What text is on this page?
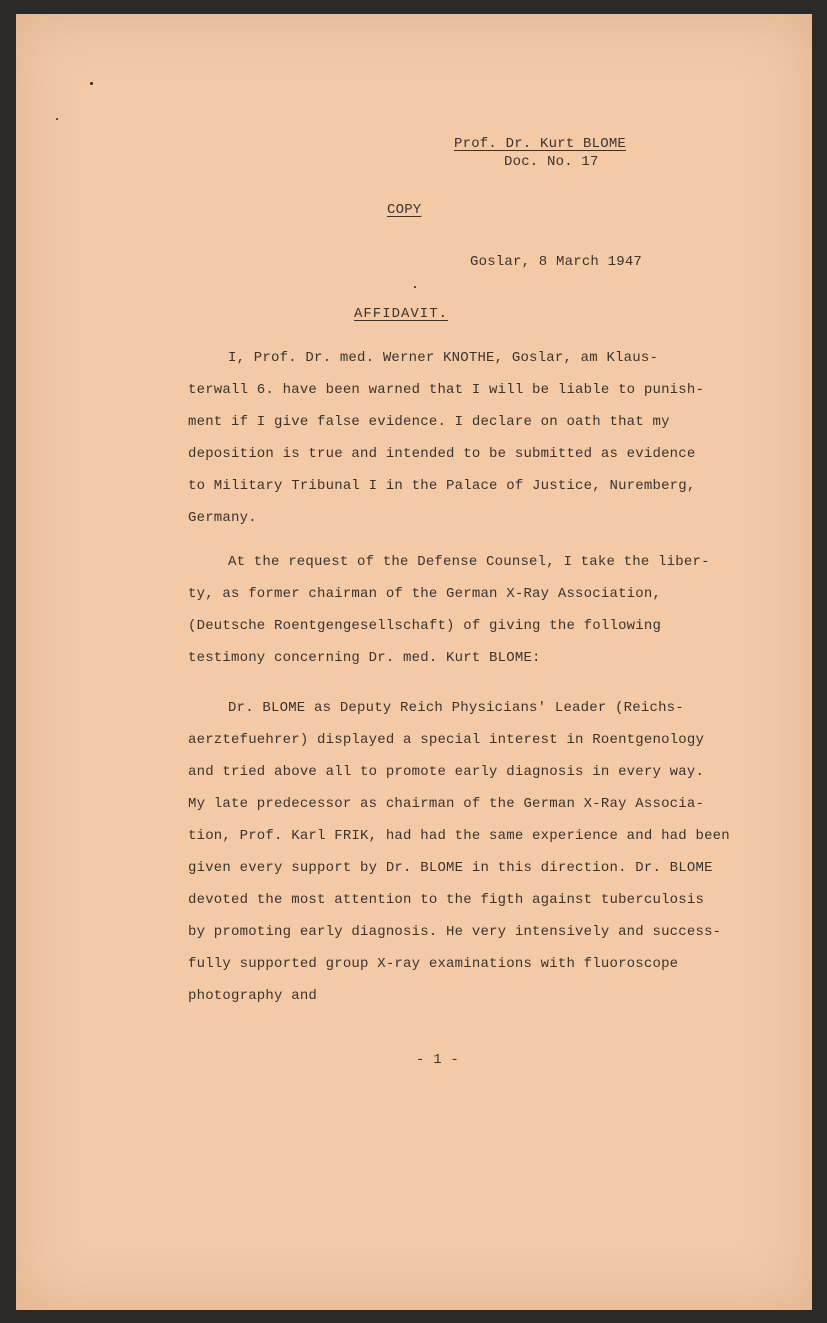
Prof. Dr. Kurt BLOME
Doc. No. 17
COPY
Goslar, 8 March 1947
AFFIDAVIT.

I, Prof. Dr. med. Werner KNOTHE, Goslar, am Klaus-

terwall 6. have been warned that I will be liable to punish-

ment if I give false evidence. I declare on oath that my

deposition is true and intended to be submitted as evidence

to Military Tribunal I in the Palace of Justice, Nuremberg,

Germany.

At the request of the Defense Counsel, I take the liber-

ty, as former chairman of the German X-Ray Association,

(Deutsche Roentgengesellschaft) of giving the following

testimony concerning Dr. med. Kurt BLOME:

Dr. BLOME as Deputy Reich Physicians' Leader (Reichs-

aerztefuehrer) displayed a special interest in Roentgenology

and tried above all to promote early diagnosis in every way.

My late predecessor as chairman of the German X-Ray Associa-

tion, Prof. Karl FRIK, had had the same experience and had been

given every support by Dr. BLOME in this direction. Dr. BLOME

devoted the most attention to the figth against tuberculosis

by promoting early diagnosis. He very intensively and success-

fully supported group X-ray examinations with fluoroscope

photography and

- 1 -
